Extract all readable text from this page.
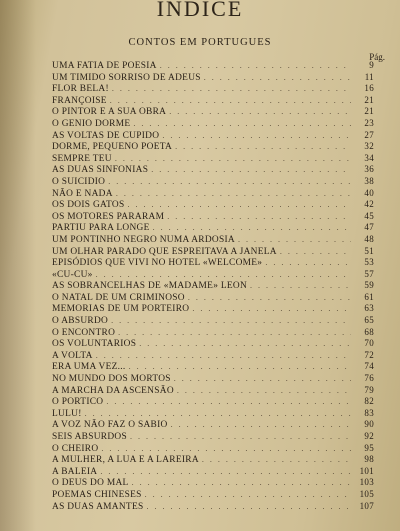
INDICE
CONTOS EM PORTUGUES
Pág.
UMA FATIA DE POESIA . . .	9
UM TIMIDO SORRISO DE ADEUS . . .	11
FLOR BELA! . . .	16
FRANÇOISE . . .	21
O PINTOR E A SUA OBRA . . .	21
O GENIO DORME . . .	23
AS VOLTAS DE CUPIDO . . .	27
DORME, PEQUENO POETA . . .	32
SEMPRE TEU . . .	34
AS DUAS SINFONIAS . . .	36
O SUICIDIO . . .	38
NÃO E NADA . . .	40
OS DOIS GATOS . . .	42
OS MOTORES PARARAM . . .	45
PARTIU PARA LONGE . . .	47
UM PONTINHO NEGRO NUMA ARDOSIA . . .	48
UM OLHAR PARADO QUE ESPREITAVA A JANELA . . .	51
EPISÓDIOS QUE VIVI NO HOTEL «WELCOME» . . .	53
«CU-CU» . . .	57
AS SOBRANCELHAS DE «MADAME» LEON . . .	59
O NATAL DE UM CRIMINOSO . . .	61
MEMORIAS DE UM PORTEIRO . . .	63
O ABSURDO . . .	65
O ENCONTRO . . .	68
OS VOLUNTARIOS . . .	70
A VOLTA . . .	72
ERA UMA VEZ... . . .	74
NO MUNDO DOS MORTOS . . .	76
A MARCHA DA ASCENSÃO . . .	79
O PORTICO . . .	82
LULU! . . .	83
A VOZ NÃO FAZ O SABIO . . .	90
SEIS ABSURDOS . . .	92
O CHEIRO . . .	95
A MULHER, A LUA E A LAREIRA . . .	98
A BALEIA . . .	101
O DEUS DO MAL . . .	103
POEMAS CHINESES . . .	105
AS DUAS AMANTES . . .	107
